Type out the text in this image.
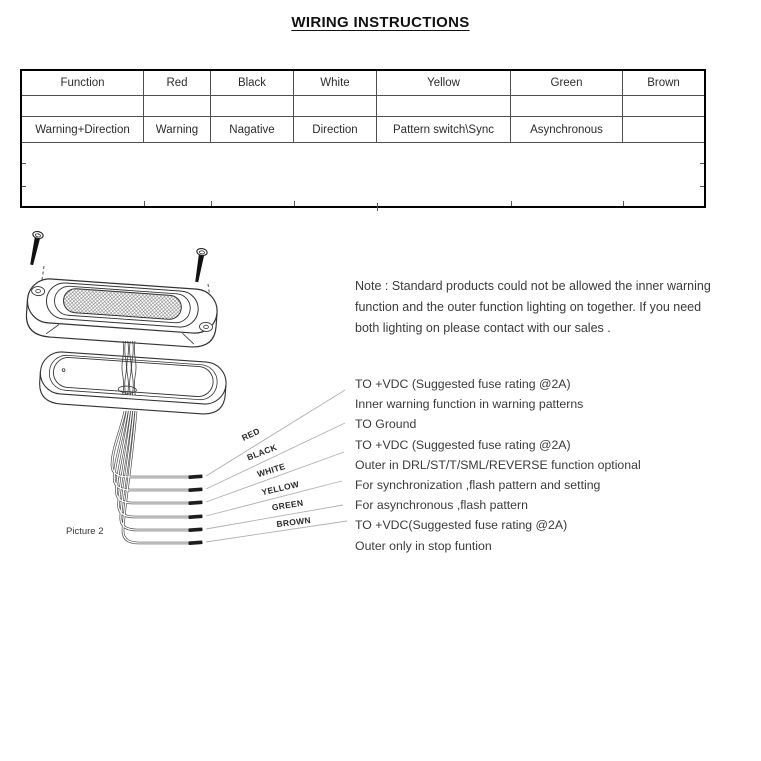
WIRING INSTRUCTIONS
Function	Red	Black	White	Yellow	Green	Brown
Warning+Direction	Warning	Nagative	Direction	Pattern switch\Sync	Asynchronous
RED
BLACK
WHITE
YELLOW
GREEN
BROWN
Picture 2
Note : Standard products could not be allowed the inner warning
function and the outer function lighting on together. If you need
both lighting on please contact with our sales .
TO +VDC (Suggested fuse rating @2A)
Inner warning function in warning patterns
TO Ground
TO +VDC (Suggested fuse rating @2A)
Outer in DRL/ST/T/SML/REVERSE function optional
For synchronization ,flash pattern and setting
For asynchronous ,flash pattern
TO +VDC(Suggested fuse rating @2A)
Outer only in stop funtion
